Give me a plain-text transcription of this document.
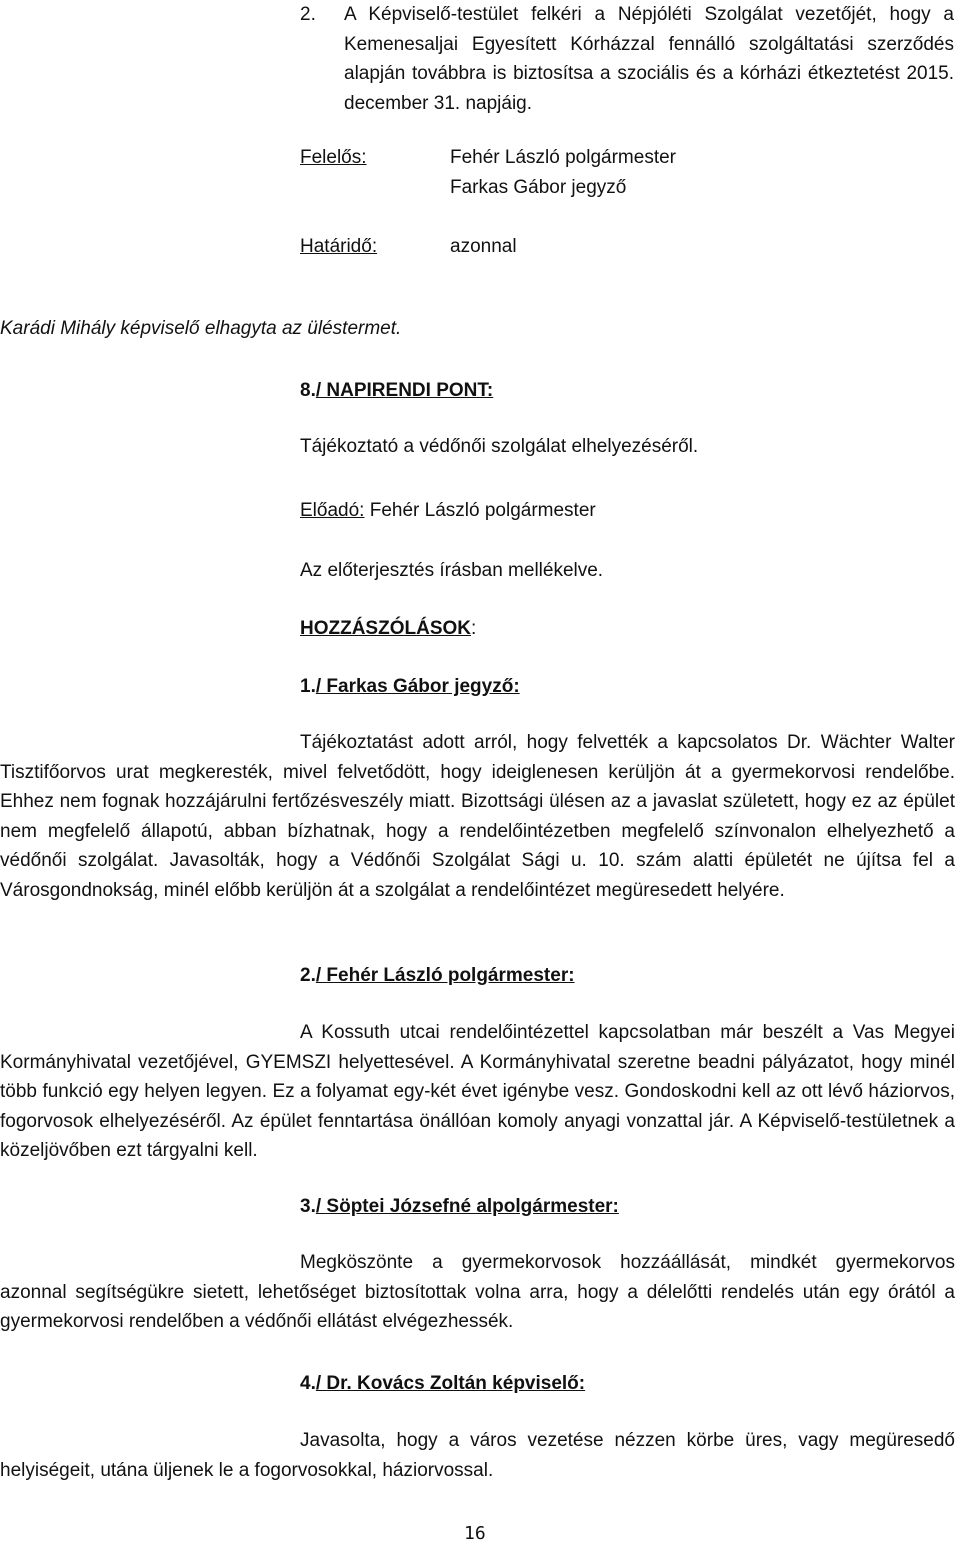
2. A Képviselő-testület felkéri a Népjóléti Szolgálat vezetőjét, hogy a Kemenesaljai Egyesített Kórházzal fennálló szolgáltatási szerződés alapján továbbra is biztosítsa a szociális és a kórházi étkeztetést 2015. december 31. napjáig.
Felelős:	Fehér László polgármester
Farkas Gábor jegyző
Határidő:	azonnal
Karádi Mihály képviselő elhagyta az üléstermet.
8./ NAPIRENDI PONT:
Tájékoztató a védőnői szolgálat elhelyezéséről.
Előadó: Fehér László polgármester
Az előterjesztés írásban mellékelve.
HOZZÁSZÓLÁSOK:
1./ Farkas Gábor jegyző:
Tájékoztatást adott arról, hogy felvették a kapcsolatos Dr. Wächter Walter Tisztifőorvos urat megkeresték, mivel felvetődött, hogy ideiglenesen kerüljön át a gyermekorvosi rendelőbe. Ehhez nem fognak hozzájárulni fertőzésveszély miatt. Bizottsági ülésen az a javaslat született, hogy ez az épület nem megfelelő állapotú, abban bízhatnak, hogy a rendelőintézetben megfelelő színvonalon elhelyezhető a védőnői szolgálat. Javasolták, hogy a Védőnői Szolgálat Sági u. 10. szám alatti épületét ne újítsa fel a Városgondnokság, minél előbb kerüljön át a szolgálat a rendelőintézet megüresedett helyére.
2./ Fehér László polgármester:
A Kossuth utcai rendelőintézettel kapcsolatban már beszélt a Vas Megyei Kormányhivatal vezetőjével, GYEMSZI helyettesével. A Kormányhivatal szeretne beadni pályázatot, hogy minél több funkció egy helyen legyen. Ez a folyamat egy-két évet igénybe vesz. Gondoskodni kell az ott lévő háziorvos, fogorvosok elhelyezéséről. Az épület fenntartása önállóan komoly anyagi vonzattal jár. A Képviselő-testületnek a közeljövőben ezt tárgyalni kell.
3./ Söptei Józsefné alpolgármester:
Megköszönte a gyermekorvosok hozzáállását, mindkét gyermekorvos azonnal segítségükre sietett, lehetőséget biztosítottak volna arra, hogy a délelőtti rendelés után egy órától a gyermekorvosi rendelőben a védőnői ellátást elvégezhessék.
4./ Dr. Kovács Zoltán képviselő:
Javasolta, hogy a város vezetése nézzen körbe üres, vagy megüresedő helyiségeit, utána üljenek le a fogorvosokkal, háziorvossal.
16
